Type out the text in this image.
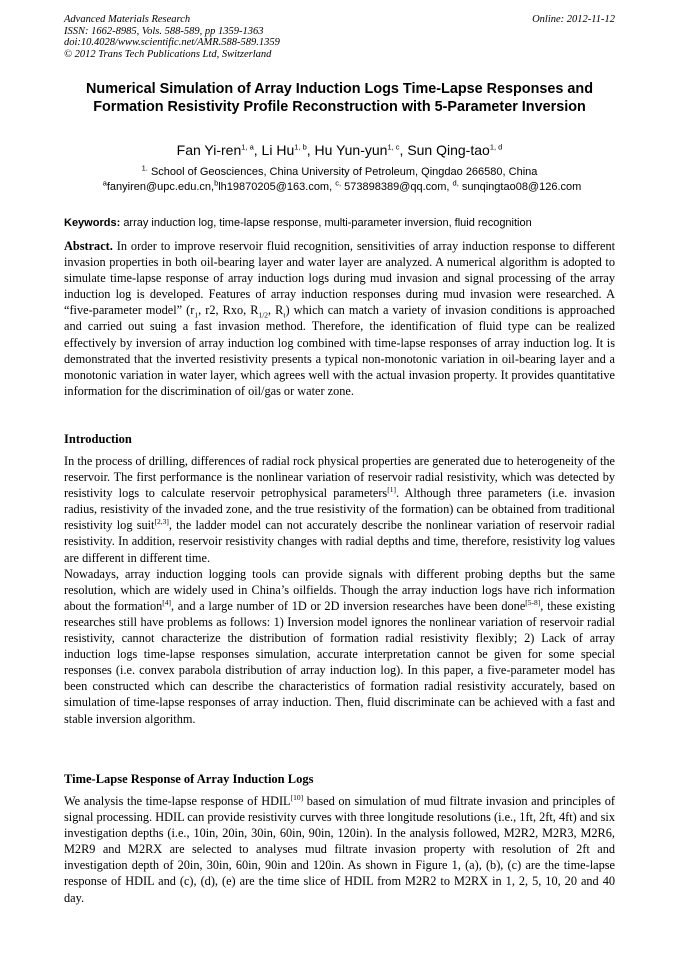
Advanced Materials Research	Online: 2012-11-12
ISSN: 1662-8985, Vols. 588-589, pp 1359-1363
doi:10.4028/www.scientific.net/AMR.588-589.1359
© 2012 Trans Tech Publications Ltd, Switzerland
Numerical Simulation of Array Induction Logs Time-Lapse Responses and Formation Resistivity Profile Reconstruction with 5-Parameter Inversion
Fan Yi-ren$^{1, a}$, Li Hu$^{1, b}$, Hu Yun-yun$^{1, c}$, Sun Qing-tao$^{1, d}$
$^{1.}$ School of Geosciences, China University of Petroleum, Qingdao 266580, China
$^a$fanyiren@upc.edu.cn,$^b$lh19870205@163.com, $^{c,}$ 573898389@qq.com, $^{d,}$ sunqingtao08@126.com
Keywords: array induction log, time-lapse response, multi-parameter inversion, fluid recognition

Abstract. In order to improve reservoir fluid recognition, sensitivities of array induction response to different invasion properties in both oil-bearing layer and water layer are analyzed. A numerical algorithm is adopted to simulate time-lapse response of array induction logs during mud invasion and signal processing of the array induction log is developed. Features of array induction responses during mud invasion were researched. A “five-parameter model” ($r_1$, r2, Rxo, $R_{1/2}$, $R_t$) which can match a variety of invasion conditions is approached and carried out suing a fast invasion method. Therefore, the identification of fluid type can be realized effectively by inversion of array induction log combined with time-lapse responses of array induction log. It is demonstrated that the inverted resistivity presents a typical non-monotonic variation in oil-bearing layer and a monotonic variation in water layer, which agrees well with the actual invasion property. It provides quantitative information for the discrimination of oil/gas or water zone.

Introduction

In the process of drilling, differences of radial rock physical properties are generated due to heterogeneity of the reservoir. The first performance is the nonlinear variation of reservoir radial resistivity, which was detected by resistivity logs to calculate reservoir petrophysical parameters[1]. Although three parameters (i.e. invasion radius, resistivity of the invaded zone, and the true resistivity of the formation) can be obtained from traditional resistivity log suit[2,3], the ladder model can not accurately describe the nonlinear variation of reservoir radial resistivity. In addition, reservoir resistivity changes with radial depths and time, therefore, resistivity log values are different in different time.

Nowadays, array induction logging tools can provide signals with different probing depths but the same resolution, which are widely used in China’s oilfields. Though the array induction logs have rich information about the formation[4], and a large number of 1D or 2D inversion researches have been done[5-8], these existing researches still have problems as follows: 1) Inversion model ignores the nonlinear variation of reservoir radial resistivity, cannot characterize the distribution of formation radial resistivity flexibly; 2) Lack of array induction logs time-lapse responses simulation, accurate interpretation cannot be given for some special responses (i.e. convex parabola distribution of array induction log). In this paper, a five-parameter model has been constructed which can describe the characteristics of formation radial resistivity accurately, based on simulation of time-lapse responses of array induction. Then, fluid discriminate can be achieved with a fast and stable inversion algorithm.

Time-Lapse Response of Array Induction Logs

We analysis the time-lapse response of HDIL[10] based on simulation of mud filtrate invasion and principles of signal processing. HDIL can provide resistivity curves with three longitude resolutions (i.e., 1ft, 2ft, 4ft) and six investigation depths (i.e., 10in, 20in, 30in, 60in, 90in, 120in). In the analysis followed, M2R2, M2R3, M2R6, M2R9 and M2RX are selected to analyses mud filtrate invasion property with resolution of 2ft and investigation depth of 20in, 30in, 60in, 90in and 120in. As shown in Figure 1, (a), (b), (c) are the time-lapse response of HDIL and (c), (d), (e) are the time slice of HDIL from M2R2 to M2RX in 1, 2, 5, 10, 20 and 40 day.
